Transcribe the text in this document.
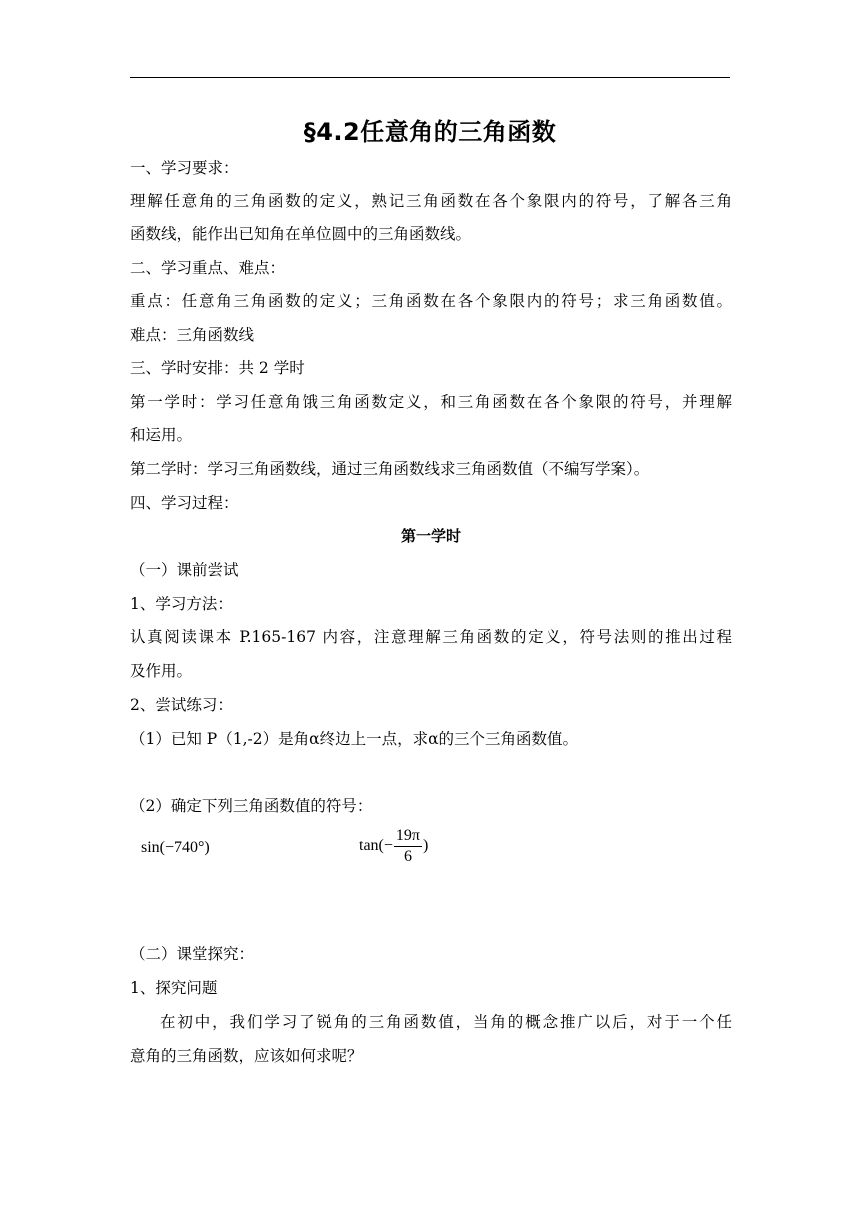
§4.2任意角的三角函数
一、学习要求：
理解任意角的三角函数的定义，熟记三角函数在各个象限内的符号，了解各三角
函数线，能作出已知角在单位圆中的三角函数线。
二、学习重点、难点：
重点：任意角三角函数的定义；三角函数在各个象限内的符号；求三角函数值。
难点：三角函数线
三、学时安排：共 2 学时
第一学时：学习任意角饿三角函数定义，和三角函数在各个象限的符号，并理解
和运用。
第二学时：学习三角函数线，通过三角函数线求三角函数值（不编写学案）。
四、学习过程：
第一学时
（一）课前尝试
1、学习方法：
认真阅读课本 P.165-167 内容，注意理解三角函数的定义，符号法则的推出过程
及作用。
2、尝试练习：
（1）已知 P（1,-2）是角α终边上一点，求α的三个三角函数值。
（2）确定下列三角函数值的符号：
sin(−740°)	$\tan(- \frac{19\pi}{6}$ )
（二）课堂探究：
1、探究问题
在初中，我们学习了锐角的三角函数值，当角的概念推广以后，对于一个任
意角的三角函数，应该如何求呢？
